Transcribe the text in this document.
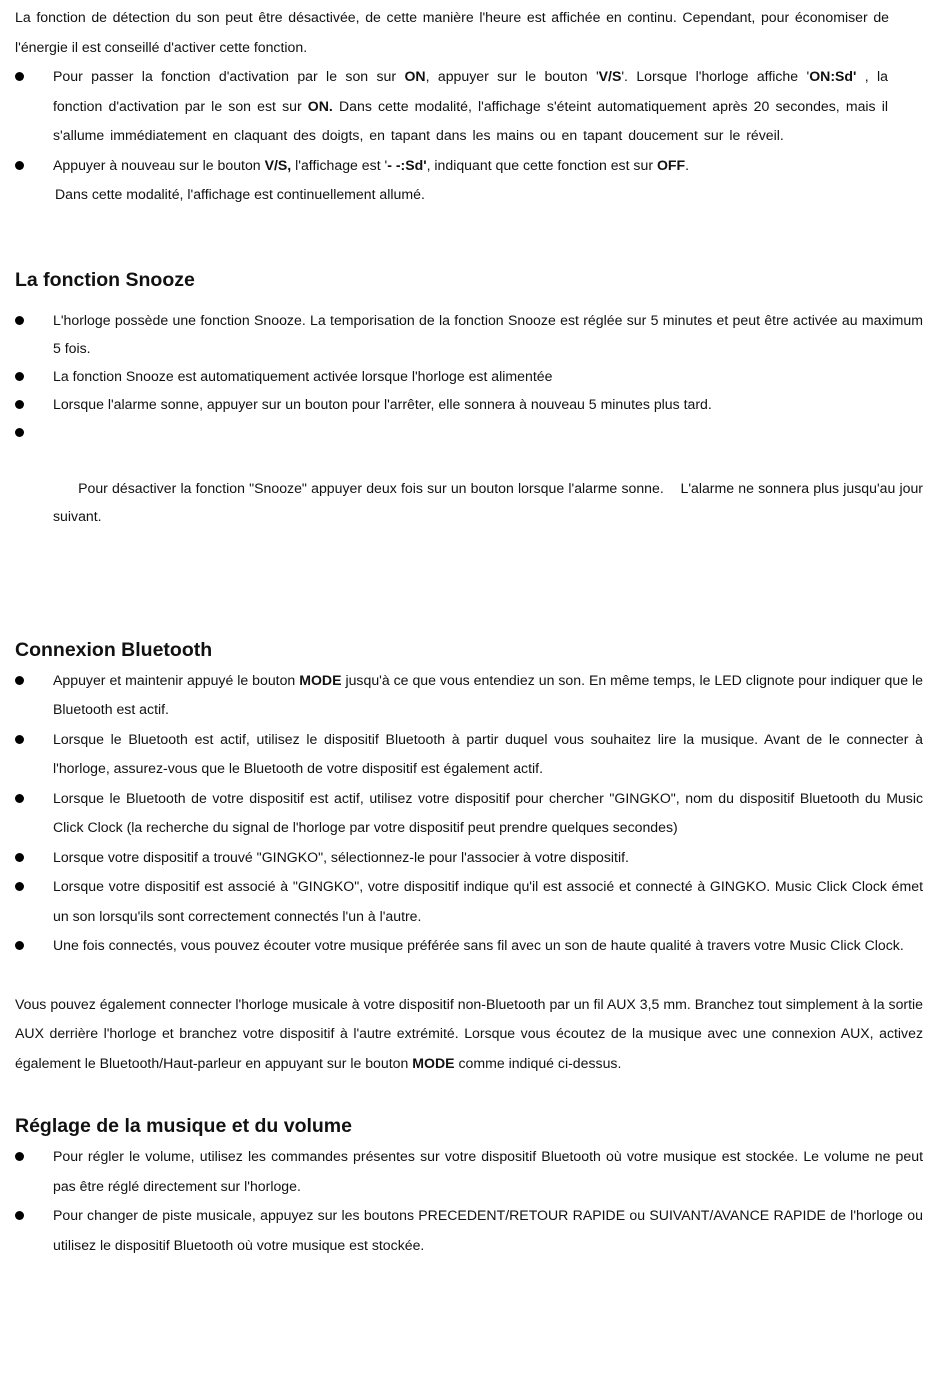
La fonction de détection du son peut être désactivée, de cette manière l'heure est affichée en continu. Cependant, pour économiser de l'énergie il est conseillé d'activer cette fonction.

Pour passer la fonction d'activation par le son sur ON, appuyer sur le bouton 'V/S'. Lorsque l'horloge affiche 'ON:Sd' , la fonction d'activation par le son est sur ON. Dans cette modalité, l'affichage s'éteint automatiquement après 20 secondes, mais il s'allume immédiatement en claquant des doigts, en tapant dans les mains ou en tapant doucement sur le réveil.
Appuyer à nouveau sur le bouton V/S, l'affichage est '- -:Sd', indiquant que cette fonction est sur OFF.
Dans cette modalité, l'affichage est continuellement allumé.
La fonction Snooze
L'horloge possède une fonction Snooze. La temporisation de la fonction Snooze est réglée sur 5 minutes et peut être activée au maximum 5 fois.
La fonction Snooze est automatiquement activée lorsque l'horloge est alimentée
Lorsque l'alarme sonne, appuyer sur un bouton pour l'arrêter, elle sonnera à nouveau 5 minutes plus tard.

Pour désactiver la fonction "Snooze" appuyer deux fois sur un bouton lorsque l'alarme sonne.    L'alarme ne sonnera plus jusqu'au jour suivant.

Connexion Bluetooth
Appuyer et maintenir appuyé le bouton MODE jusqu'à ce que vous entendiez un son. En même temps, le LED clignote pour indiquer que le Bluetooth est actif.
Lorsque le Bluetooth est actif, utilisez le dispositif Bluetooth à partir duquel vous souhaitez lire la musique. Avant de le connecter à l'horloge, assurez-vous que le Bluetooth de votre dispositif est également actif.
Lorsque le Bluetooth de votre dispositif est actif, utilisez votre dispositif pour chercher "GINGKO", nom du dispositif Bluetooth du Music Click Clock (la recherche du signal de l'horloge par votre dispositif peut prendre quelques secondes)
Lorsque votre dispositif a trouvé "GINGKO", sélectionnez-le pour l'associer à votre dispositif.
Lorsque votre dispositif est associé à "GINGKO", votre dispositif indique qu'il est associé et connecté à GINGKO. Music Click Clock émet un son lorsqu'ils sont correctement connectés l'un à l'autre.
Une fois connectés, vous pouvez écouter votre musique préférée sans fil avec un son de haute qualité à travers votre Music Click Clock.

Vous pouvez également connecter l'horloge musicale à votre dispositif non-Bluetooth par un fil AUX 3,5 mm. Branchez tout simplement à la sortie AUX derrière l'horloge et branchez votre dispositif à l'autre extrémité. Lorsque vous écoutez de la musique avec une connexion AUX, activez également le Bluetooth/Haut-parleur en appuyant sur le bouton MODE comme indiqué ci-dessus.

Réglage de la musique et du volume
Pour régler le volume, utilisez les commandes présentes sur votre dispositif Bluetooth où votre musique est stockée. Le volume ne peut pas être réglé directement sur l'horloge.
Pour changer de piste musicale, appuyez sur les boutons PRECEDENT/RETOUR RAPIDE ou SUIVANT/AVANCE RAPIDE de l'horloge ou utilisez le dispositif Bluetooth où votre musique est stockée.
